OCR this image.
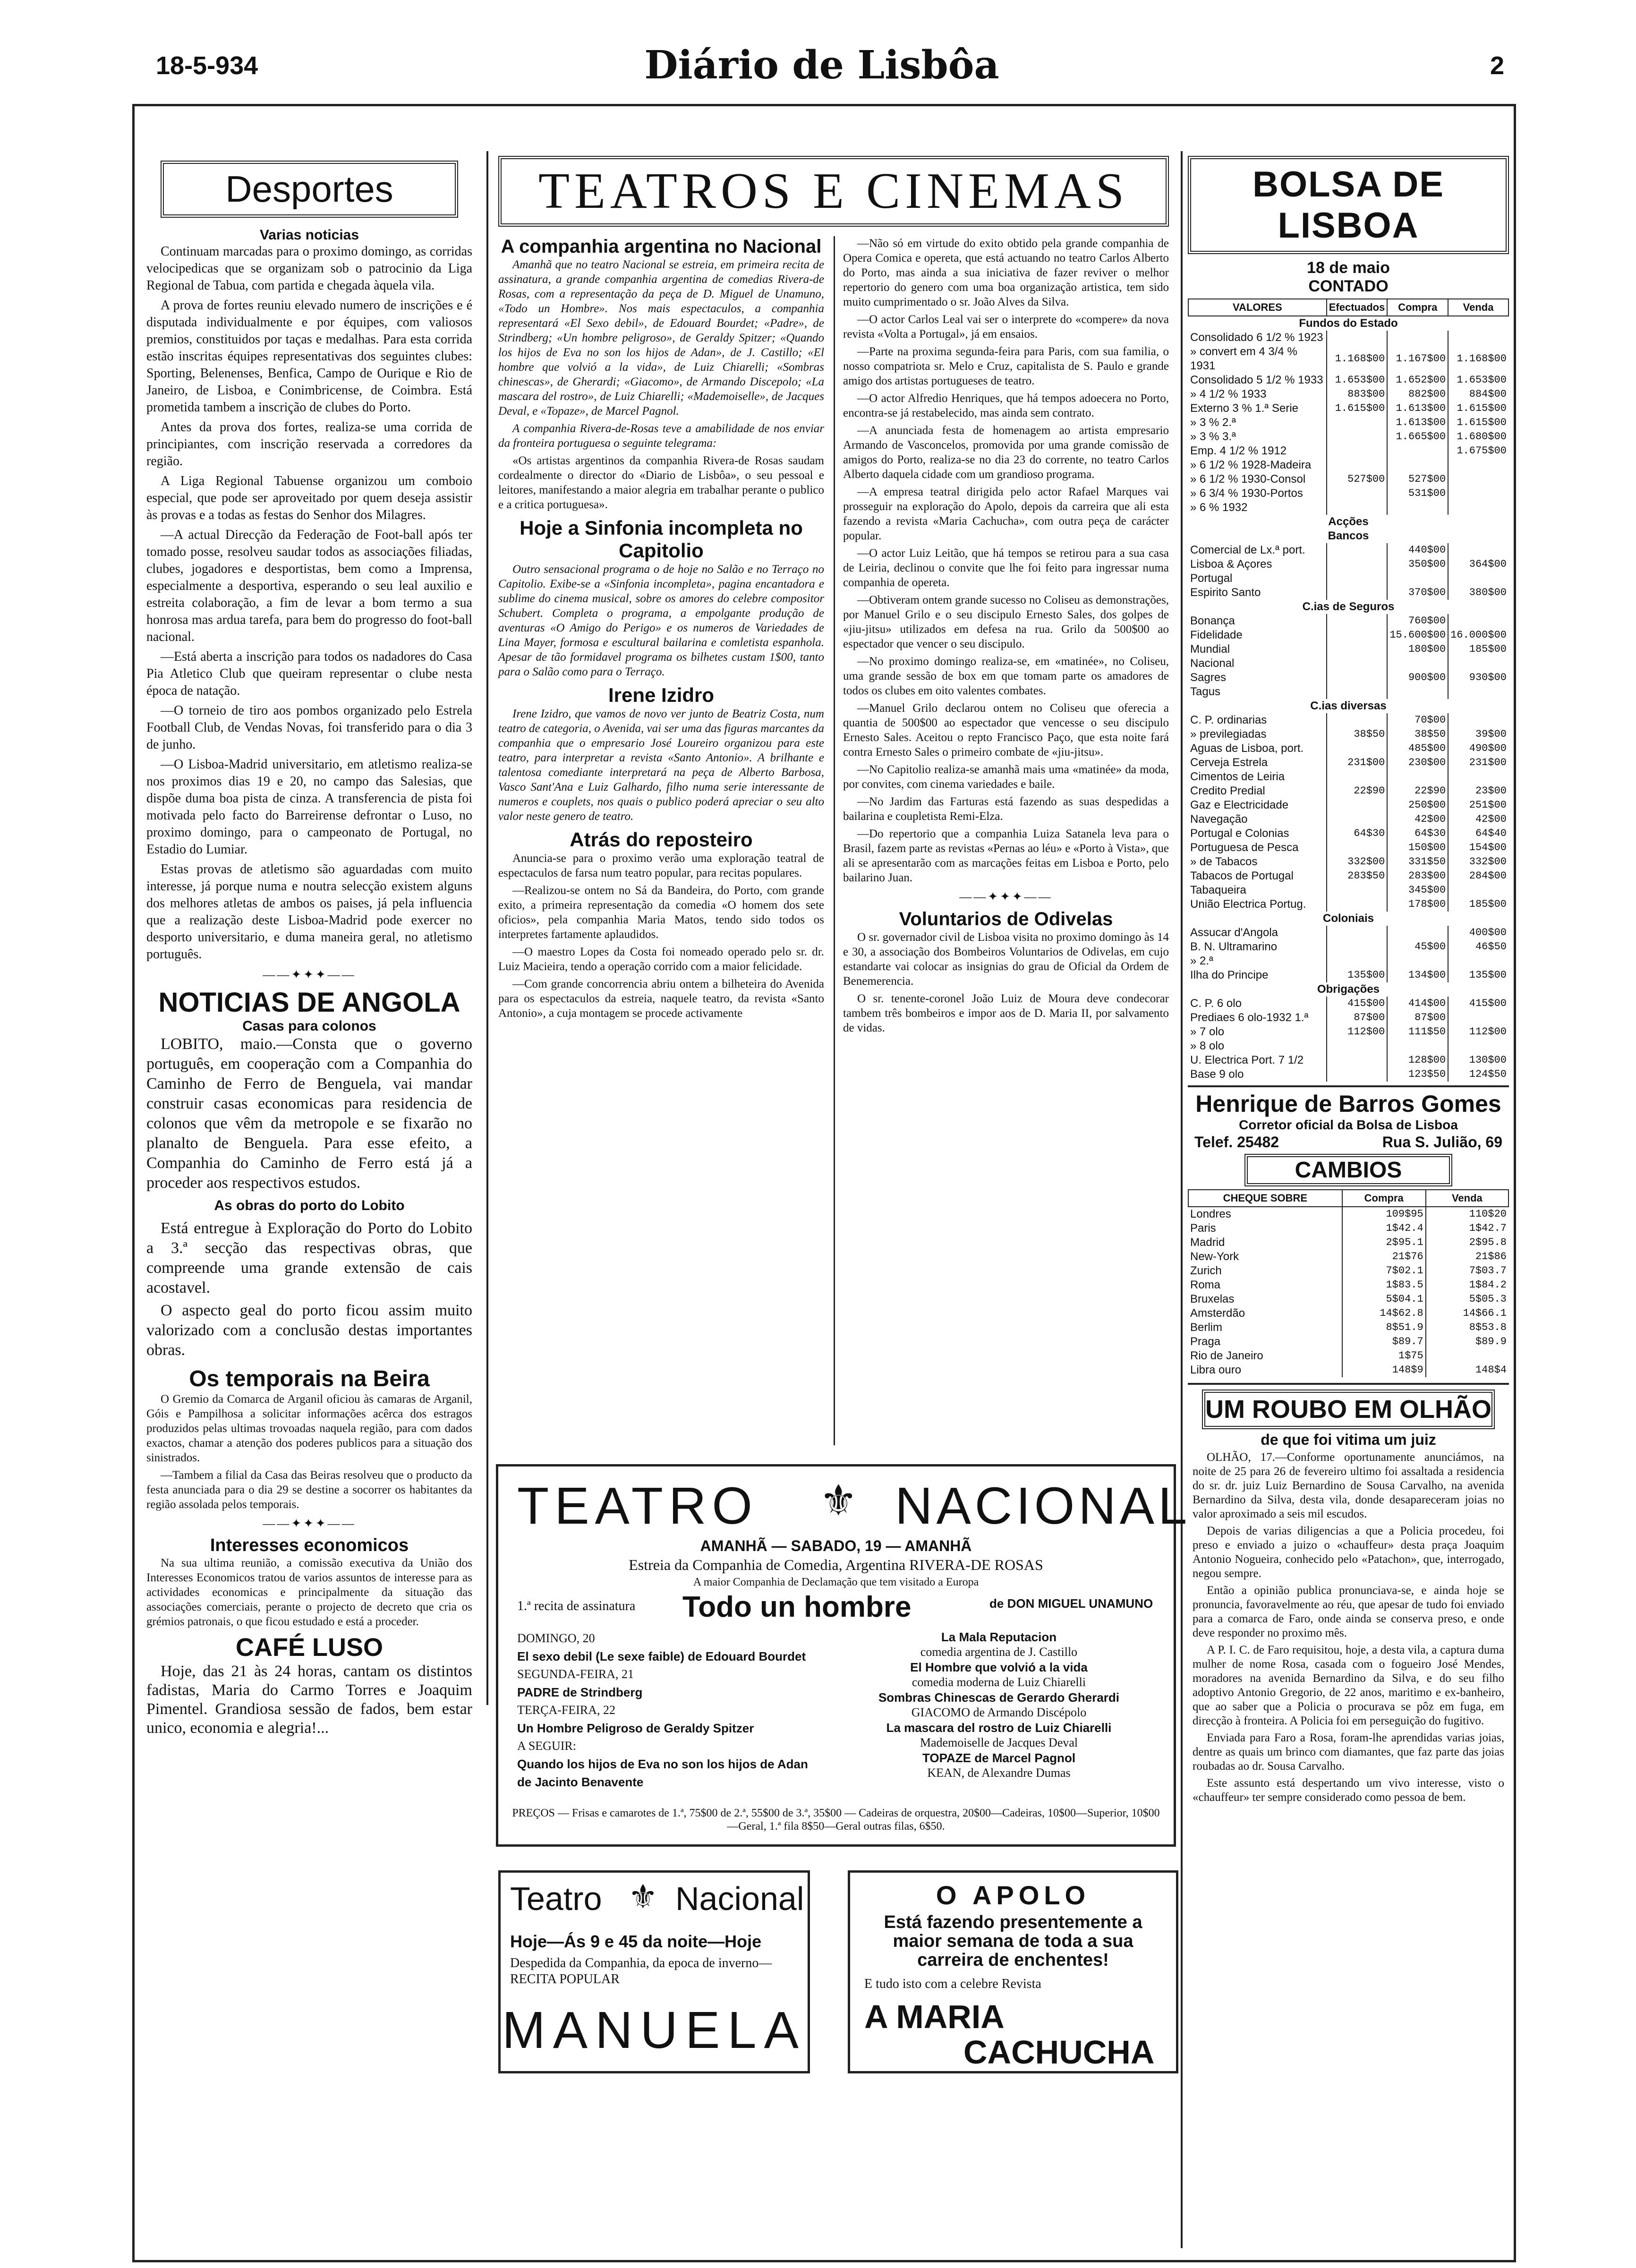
18-5-934	Diário de Lisbôa	2
Desportes
Varias noticias

Continuam marcadas para o proximo domingo, as corridas velocipedicas que se organizam sob o patrocinio da Liga Regional de Tabua, com partida e chegada àquela vila.

A prova de fortes reuniu elevado numero de inscrições e é disputada individualmente e por équipes, com valiosos premios, constituidos por taças e medalhas. Para esta corrida estão inscritas équipes representativas dos seguintes clubes: Sporting, Belenenses, Benfica, Campo de Ourique e Rio de Janeiro, de Lisboa, e Conimbricense, de Coimbra. Está prometida tambem a inscrição de clubes do Porto.

Antes da prova dos fortes, realiza-se uma corrida de principiantes, com inscrição reservada a corredores da região.

A Liga Regional Tabuense organizou um comboio especial, que pode ser aproveitado por quem deseja assistir às provas e a todas as festas do Senhor dos Milagres.

—A actual Direcção da Federação de Foot-ball após ter tomado posse, resolveu saudar todos as associações filiadas, clubes, jogadores e desportistas, bem como a Imprensa, especialmente a desportiva, esperando o seu leal auxilio e estreita colaboração, a fim de levar a bom termo a sua honrosa mas ardua tarefa, para bem do progresso do foot-ball nacional.

—Está aberta a inscrição para todos os nadadores do Casa Pia Atletico Club que queiram representar o clube nesta época de natação.

—O torneio de tiro aos pombos organizado pelo Estrela Football Club, de Vendas Novas, foi transferido para o dia 3 de junho.

—O Lisboa-Madrid universitario, em atletismo realiza-se nos proximos dias 19 e 20, no campo das Salesias, que dispõe duma boa pista de cinza. A transferencia de pista foi motivada pelo facto do Barreirense defrontar o Luso, no proximo domingo, para o campeonato de Portugal, no Estadio do Lumiar.

Estas provas de atletismo são aguardadas com muito interesse, já porque numa e noutra selecção existem alguns dos melhores atletas de ambos os paises, já pela influencia que a realização deste Lisboa-Madrid pode exercer no desporto universitario, e duma maneira geral, no atletismo português.

——✦✦✦——
NOTICIAS DE ANGOLA
Casas para colonos

LOBITO, maio.—Consta que o governo português, em cooperação com a Companhia do Caminho de Ferro de Benguela, vai mandar construir casas economicas para residencia de colonos que vêm da metropole e se fixarão no planalto de Benguela. Para esse efeito, a Companhia do Caminho de Ferro está já a proceder aos respectivos estudos.

As obras do porto do Lobito

Está entregue à Exploração do Porto do Lobito a 3.ª secção das respectivas obras, que compreende uma grande extensão de cais acostavel.

O aspecto geal do porto ficou assim muito valorizado com a conclusão destas importantes obras.

Os temporais na Beira

O Gremio da Comarca de Arganil oficiou às camaras de Arganil, Góis e Pampilhosa a solicitar informações acêrca dos estragos produzidos pelas ultimas trovoadas naquela região, para com dados exactos, chamar a atenção dos poderes publicos para a situação dos sinistrados.

—Tambem a filial da Casa das Beiras resolveu que o producto da festa anunciada para o dia 29 se destine a socorrer os habitantes da região assolada pelos temporais.

——✦✦✦——
Interesses economicos

Na sua ultima reunião, a comissão executiva da União dos Interesses Economicos tratou de varios assuntos de interesse para as actividades economicas e principalmente da situação das associações comerciais, perante o projecto de decreto que cria os grémios patronais, o que ficou estudado e está a proceder.

CAFÉ LUSO

Hoje, das 21 às 24 horas, cantam os distintos fadistas, Maria do Carmo Torres e Joaquim Pimentel. Grandiosa sessão de fados, bem estar unico, economia e alegria!...

TEATROS E CINEMAS
A companhia argentina no Nacional

Amanhã que no teatro Nacional se estreia, em primeira recita de assinatura, a grande companhia argentina de comedias Rivera-de Rosas, com a representação da peça de D. Miguel de Unamuno, «Todo un Hombre». Nos mais espectaculos, a companhia representará «El Sexo debil», de Edouard Bourdet; «Padre», de Strindberg; «Un hombre peligroso», de Geraldy Spitzer; «Quando los hijos de Eva no son los hijos de Adan», de J. Castillo; «El hombre que volvió a la vida», de Luiz Chiarelli; «Sombras chinescas», de Gherardi; «Giacomo», de Armando Discepolo; «La mascara del rostro», de Luiz Chiarelli; «Mademoiselle», de Jacques Deval, e «Topaze», de Marcel Pagnol.

A companhia Rivera-de-Rosas teve a amabilidade de nos enviar da fronteira portuguesa o seguinte telegrama:

«Os artistas argentinos da companhia Rivera-de Rosas saudam cordealmente o director do «Diario de Lisbôa», o seu pessoal e leitores, manifestando a maior alegria em trabalhar perante o publico e a critica portuguesa».

Hoje a Sinfonia incompleta no Capitolio

Outro sensacional programa o de hoje no Salão e no Terraço no Capitolio. Exibe-se a «Sinfonia incompleta», pagina encantadora e sublime do cinema musical, sobre os amores do celebre compositor Schubert. Completa o programa, a empolgante produção de aventuras «O Amigo do Perigo» e os numeros de Variedades de Lina Mayer, formosa e escultural bailarina e comletista espanhola. Apesar de tão formidavel programa os bilhetes custam 1$00, tanto para o Salão como para o Terraço.

Irene Izidro

Irene Izidro, que vamos de novo ver junto de Beatriz Costa, num teatro de categoria, o Avenida, vai ser uma das figuras marcantes da companhia que o empresario José Loureiro organizou para este teatro, para interpretar a revista «Santo Antonio». A brilhante e talentosa comediante interpretará na peça de Alberto Barbosa, Vasco Sant'Ana e Luiz Galhardo, filho numa serie interessante de numeros e couplets, nos quais o publico poderá apreciar o seu alto valor neste genero de teatro.

Atrás do reposteiro

Anuncia-se para o proximo verão uma exploração teatral de espectaculos de farsa num teatro popular, para recitas populares.

—Realizou-se ontem no Sá da Bandeira, do Porto, com grande exito, a primeira representação da comedia «O homem dos sete oficios», pela companhia Maria Matos, tendo sido todos os interpretes fartamente aplaudidos.

—O maestro Lopes da Costa foi nomeado operado pelo sr. dr. Luiz Macieira, tendo a operação corrido com a maior felicidade.

—Com grande concorrencia abriu ontem a bilheteira do Avenida para os espectaculos da estreia, naquele teatro, da revista «Santo Antonio», a cuja montagem se procede activamente

—Não só em virtude do exito obtido pela grande companhia de Opera Comica e opereta, que está actuando no teatro Carlos Alberto do Porto, mas ainda a sua iniciativa de fazer reviver o melhor repertorio do genero com uma boa organização artistica, tem sido muito cumprimentado o sr. João Alves da Silva.

—O actor Carlos Leal vai ser o interprete do «compere» da nova revista «Volta a Portugal», já em ensaios.

—Parte na proxima segunda-feira para Paris, com sua familia, o nosso compatriota sr. Melo e Cruz, capitalista de S. Paulo e grande amigo dos artistas portugueses de teatro.

—O actor Alfredio Henriques, que há tempos adoecera no Porto, encontra-se já restabelecido, mas ainda sem contrato.

—A anunciada festa de homenagem ao artista empresario Armando de Vasconcelos, promovida por uma grande comissão de amigos do Porto, realiza-se no dia 23 do corrente, no teatro Carlos Alberto daquela cidade com um grandioso programa.

—A empresa teatral dirigida pelo actor Rafael Marques vai prosseguir na exploração do Apolo, depois da carreira que ali esta fazendo a revista «Maria Cachucha», com outra peça de carácter popular.

—O actor Luiz Leitão, que há tempos se retirou para a sua casa de Leiria, declinou o convite que lhe foi feito para ingressar numa companhia de opereta.

—Obtiveram ontem grande sucesso no Coliseu as demonstrações, por Manuel Grilo e o seu discipulo Ernesto Sales, dos golpes de «jiu-jitsu» utilizados em defesa na rua. Grilo da 500$00 ao espectador que vencer o seu discipulo.

—No proximo domingo realiza-se, em «matinée», no Coliseu, uma grande sessão de box em que tomam parte os amadores de todos os clubes em oito valentes combates.

—Manuel Grilo declarou ontem no Coliseu que oferecia a quantia de 500$00 ao espectador que vencesse o seu discipulo Ernesto Sales. Aceitou o repto Francisco Paço, que esta noite fará contra Ernesto Sales o primeiro combate de «jiu-jitsu».

—No Capitolio realiza-se amanhã mais uma «matinée» da moda, por convites, com cinema variedades e baile.

—No Jardim das Farturas está fazendo as suas despedidas a bailarina e coupletista Remi-Elza.

—Do repertorio que a companhia Luiza Satanela leva para o Brasil, fazem parte as revistas «Pernas ao léu» e «Porto à Vista», que ali se apresentarão com as marcações feitas em Lisboa e Porto, pelo bailarino Juan.

——✦✦✦——
Voluntarios de Odivelas

O sr. governador civil de Lisboa visita no proximo domingo às 14 e 30, a associação dos Bombeiros Voluntarios de Odivelas, em cujo estandarte vai colocar as insignias do grau de Oficial da Ordem de Benemerencia.

O sr. tenente-coronel João Luiz de Moura deve condecorar tambem três bombeiros e impor aos de D. Maria II, por salvamento de vidas.

TEATRO ⚜ NACIONAL
AMANHÃ — SABADO, 19 — AMANHÃ
Estreia da Companhia de Comedia, Argentina RIVERA-DE ROSAS
A maior Companhia de Declamação que tem visitado a Europa
1.ª recita de assinatura Todo un hombre	de DON MIGUEL UNAMUNO
DOMINGO, 20
El sexo debil (Le sexe faible) de Edouard Bourdet
SEGUNDA-FEIRA, 21
PADRE de Strindberg
TERÇA-FEIRA, 22
Un Hombre Peligroso de Geraldy Spitzer
A SEGUIR:
Quando los hijos de Eva no son los hijos de Adan de Jacinto Benavente
La Mala Reputacion
comedia argentina de J. Castillo
El Hombre que volvió a la vida
comedia moderna de Luiz Chiarelli
Sombras Chinescas de Gerardo Gherardi
GIACOMO de Armando Discépolo
La mascara del rostro de Luiz Chiarelli
Mademoiselle de Jacques Deval
TOPAZE de Marcel Pagnol
KEAN, de Alexandre Dumas
PREÇOS — Frisas e camarotes de 1.ª, 75$00 de 2.ª, 55$00 de 3.ª, 35$00 — Cadeiras de orquestra, 20$00—Cadeiras, 10$00—Superior, 10$00—Geral, 1.ª fila 8$50—Geral outras filas, 6$50.
Teatro ⚜ Nacional
Hoje—Ás 9 e 45 da noite—Hoje
Despedida da Companhia, da epoca de inverno— RECITA POPULAR
MANUELA
O APOLO
Está fazendo presentemente a maior semana de toda a sua carreira de enchentes!
E tudo isto com a celebre Revista
A MARIA
CACHUCHA
BOLSA DE LISBOA
18 de maio
CONTADO
VALORES	Efectuados	Compra	Venda
Fundos do Estado			
Consolidado 6 1/2 % 1923			
» convert em 4 3/4 % 1931	1.168$00	1.167$00	1.168$00
Consolidado 5 1/2 % 1933	1.653$00	1.652$00	1.653$00
» 4 1/2 % 1933	883$00	882$00	884$00
Externo 3 % 1.ª Serie	1.615$00	1.613$00	1.615$00
» 3 % 2.ª		1.613$00	1.615$00
» 3 % 3.ª		1.665$00	1.680$00
Emp. 4 1/2 % 1912			1.675$00
» 6 1/2 % 1928-Madeira			
» 6 1/2 % 1930-Consol	527$00	527$00	
» 6 3/4 % 1930-Portos		531$00	
» 6 % 1932			
Acções			
Bancos			
Comercial de Lx.ª port.		440$00	
Lisboa & Açores		350$00	364$00
Portugal			
Espirito Santo		370$00	380$00
C.ias de Seguros			
Bonança		760$00	
Fidelidade		15.600$00	16.000$00
Mundial		180$00	185$00
Nacional			
Sagres		900$00	930$00
Tagus			
C.ias diversas			
C. P. ordinarias		70$00	
» previlegiadas	38$50	38$50	39$00
Aguas de Lisboa, port.		485$00	490$00
Cerveja Estrela	231$00	230$00	231$00
Cimentos de Leiria			
Credito Predial	22$90	22$90	23$00
Gaz e Electricidade		250$00	251$00
Navegação		42$00	42$00
Portugal e Colonias	64$30	64$30	64$40
Portuguesa de Pesca		150$00	154$00
» de Tabacos	332$00	331$50	332$00
Tabacos de Portugal	283$50	283$00	284$00
Tabaqueira		345$00	
União Electrica Portug.		178$00	185$00
Coloniais			
Assucar d'Angola			400$00
B. N. Ultramarino		45$00	46$50
» 2.ª			
Ilha do Principe	135$00	134$00	135$00
Obrigações			
C. P. 6 olo	415$00	414$00	415$00
Prediaes 6 olo-1932 1.ª	87$00	87$00	
» 7 olo	112$00	111$50	112$00
» 8 olo			
U. Electrica Port. 7 1/2		128$00	130$00
Base 9 olo		123$50	124$50
Henrique de Barros Gomes
Corretor oficial da Bolsa de Lisboa
Telef. 25482	Rua S. Julião, 69
CAMBIOS
CHEQUE SOBRE	Compra	Venda
Londres	109$95	110$20
Paris	1$42.4	1$42.7
Madrid	2$95.1	2$95.8
New-York	21$76	21$86
Zurich	7$02.1	7$03.7
Roma	1$83.5	1$84.2
Bruxelas	5$04.1	5$05.3
Amsterdão	14$62.8	14$66.1
Berlim	8$51.9	8$53.8
Praga	$89.7	$89.9
Rio de Janeiro	1$75	
Libra ouro	148$9	148$4
UM ROUBO EM OLHÃO
de que foi vitima um juiz

OLHÃO, 17.—Conforme oportunamente anunciámos, na noite de 25 para 26 de fevereiro ultimo foi assaltada a residencia do sr. dr. juiz Luiz Bernardino de Sousa Carvalho, na avenida Bernardino da Silva, desta vila, donde desapareceram joias no valor aproximado a seis mil escudos.

Depois de varias diligencias a que a Policia procedeu, foi preso e enviado a juizo o «chauffeur» desta praça Joaquim Antonio Nogueira, conhecido pelo «Patachon», que, interrogado, negou sempre.

Então a opinião publica pronunciava-se, e ainda hoje se pronuncia, favoravelmente ao réu, que apesar de tudo foi enviado para a comarca de Faro, onde ainda se conserva preso, e onde deve responder no proximo mês.

A P. I. C. de Faro requisitou, hoje, a desta vila, a captura duma mulher de nome Rosa, casada com o fogueiro José Mendes, moradores na avenida Bernardino da Silva, e do seu filho adoptivo Antonio Gregorio, de 22 anos, maritimo e ex-banheiro, que ao saber que a Policia o procurava se pôz em fuga, em direcção à fronteira. A Policia foi em perseguição do fugitivo.

Enviada para Faro a Rosa, foram-lhe aprendidas varias joias, dentre as quais um brinco com diamantes, que faz parte das joias roubadas ao dr. Sousa Carvalho.

Este assunto está despertando um vivo interesse, visto o «chauffeur» ter sempre considerado como pessoa de bem.
